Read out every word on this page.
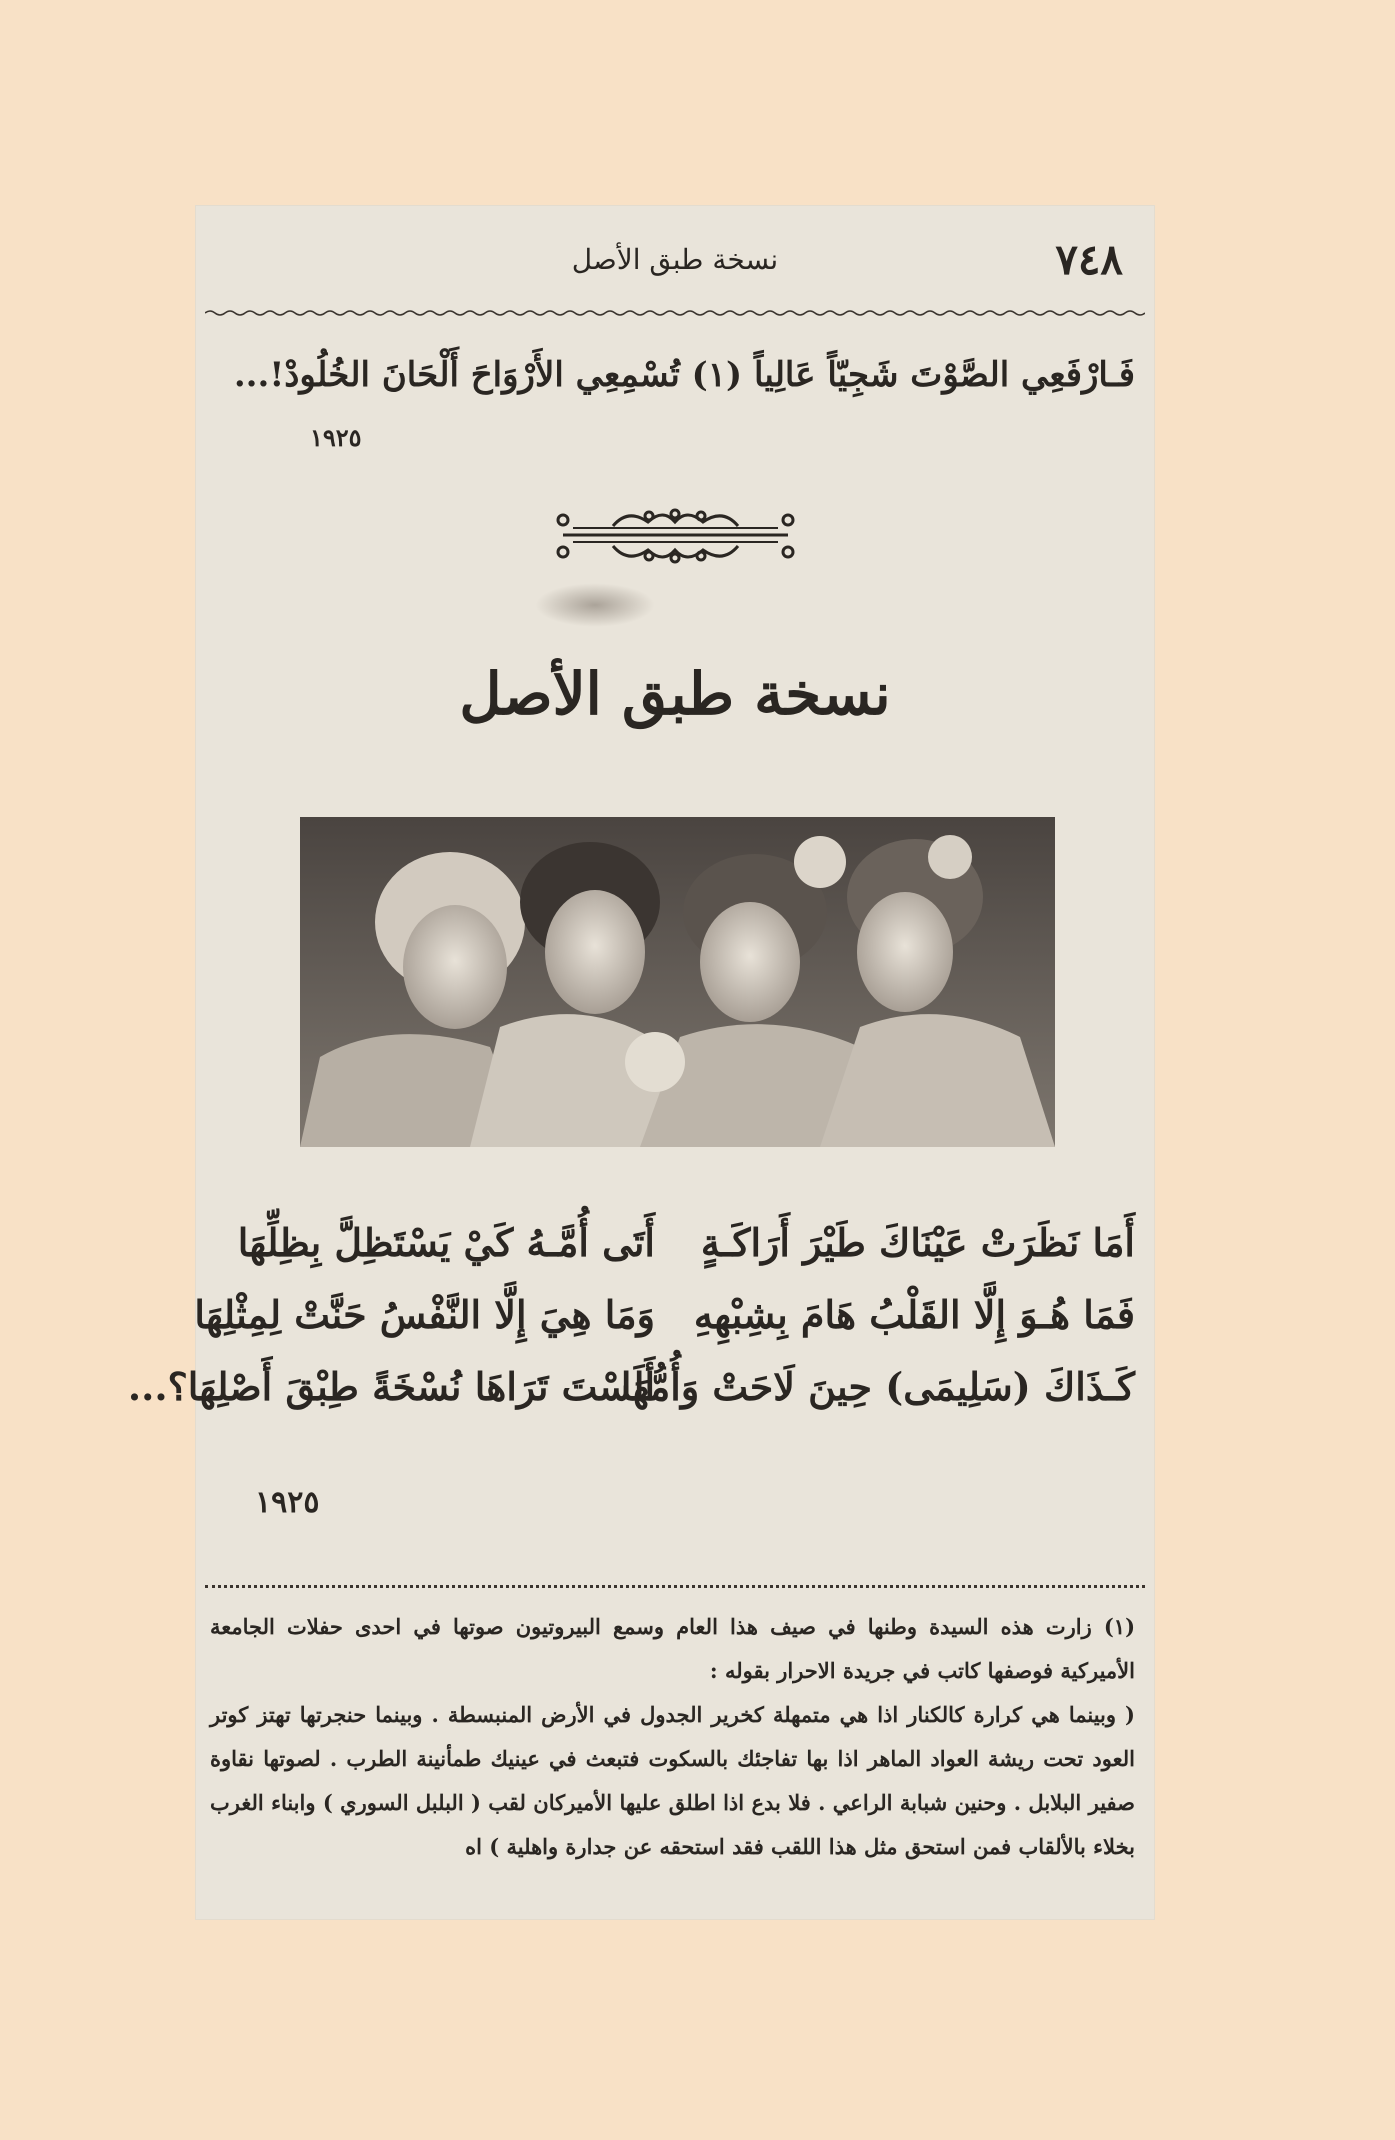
٧٤٨
نسخة طبق الأصل
فَـارْفَعِي الصَّوْتَ شَجِيّاً عَالِياً (١) تُسْمِعِي الأَرْوَاحَ أَلْحَانَ الخُلُودْ!...
١٩٢٥
نسخة طبق الأصل
أَمَا نَظَرَتْ عَيْنَاكَ طَيْرَ أَرَاكَـةٍ
أَتَى أُمَّـهُ كَيْ يَسْتَظِلَّ بِظِلِّهَا
فَمَا هُـوَ إِلَّا القَلْبُ هَامَ بِشِبْهِهِ
وَمَا هِيَ إِلَّا النَّفْسُ حَنَّتْ لِمِثْلِهَا
كَـذَاكَ (سَلِيمَى) حِينَ لَاحَتْ وَأُمُّهَا
أَلَسْتَ تَرَاهَا نُسْخَةً طِبْقَ أَصْلِهَا؟...
١٩٢٥

(١) زارت هذه السيدة وطنها في صيف هذا العام وسمع البيروتيون صوتها في احدى حفلات الجامعة الأميركية فوصفها كاتب في جريدة الاحرار بقوله :

( وبينما هي كرارة كالكنار اذا هي متمهلة كخرير الجدول في الأرض المنبسطة . وبينما حنجرتها تهتز كوتر العود تحت ريشة العواد الماهر اذا بها تفاجئك بالسكوت فتبعث في عينيك طمأنينة الطرب . لصوتها نقاوة صفير البلابل . وحنين شبابة الراعي . فلا بدع اذا اطلق عليها الأميركان لقب ( البلبل السوري ) وابناء الغرب بخلاء بالألقاب فمن استحق مثل هذا اللقب فقد استحقه عن جدارة واهلية ) اه
